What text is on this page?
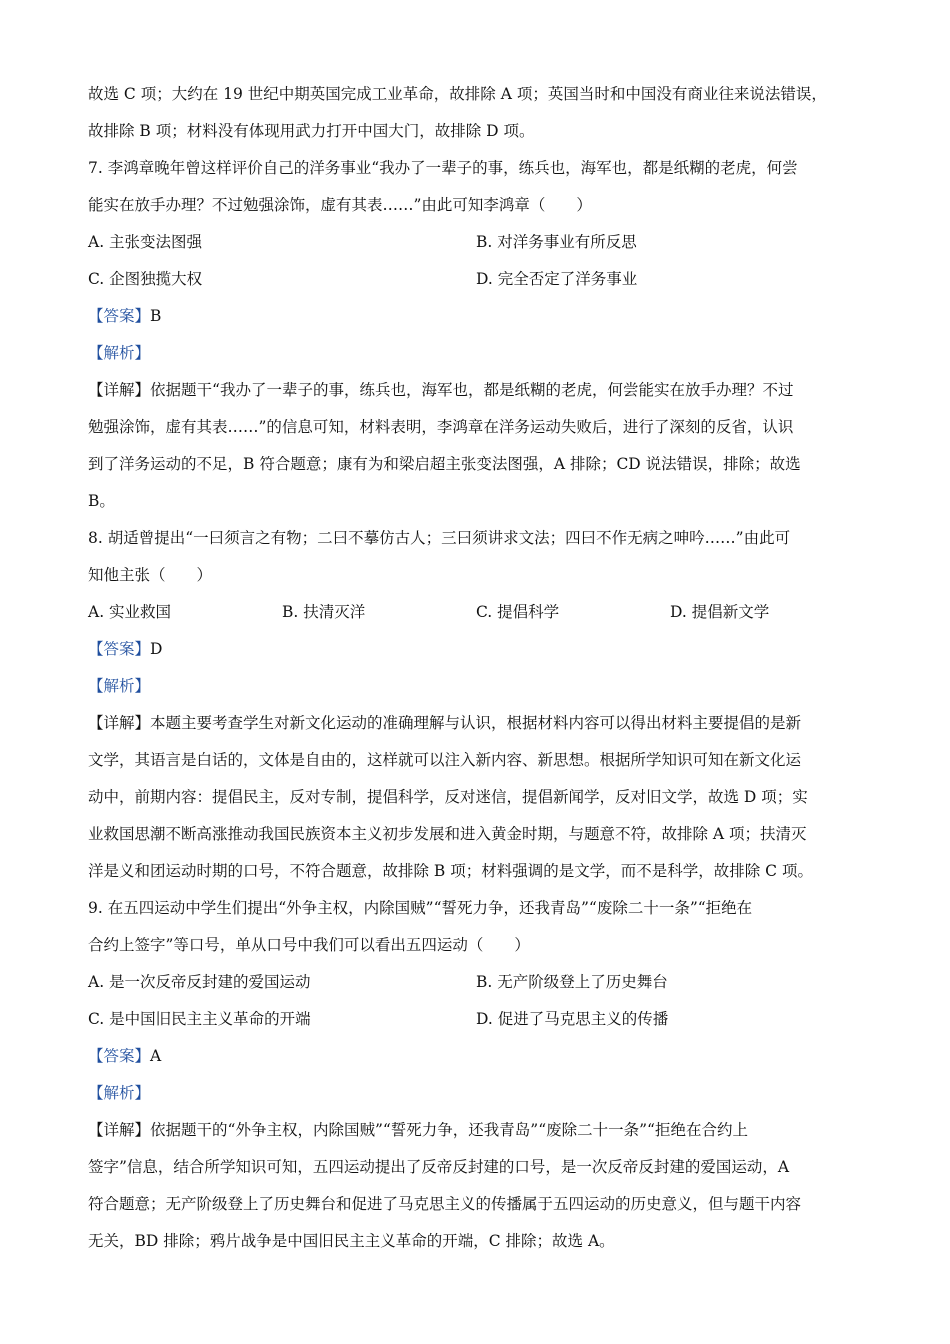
故选 C 项；大约在 19 世纪中期英国完成工业革命，故排除 A 项；英国当时和中国没有商业往来说法错误，
故排除 B 项；材料没有体现用武力打开中国大门，故排除 D 项。
7. 李鸿章晚年曾这样评价自己的洋务事业“我办了一辈子的事，练兵也，海军也，都是纸糊的老虎，何尝
能实在放手办理？不过勉强涂饰，虚有其表……”由此可知李鸿章（　　）
A. 主张变法图强	B. 对洋务事业有所反思
C. 企图独揽大权	D. 完全否定了洋务事业
【答案】B
【解析】
【详解】依据题干“我办了一辈子的事，练兵也，海军也，都是纸糊的老虎，何尝能实在放手办理？不过
勉强涂饰，虚有其表……”的信息可知，材料表明，李鸿章在洋务运动失败后，进行了深刻的反省，认识
到了洋务运动的不足，B 符合题意；康有为和梁启超主张变法图强，A 排除；CD 说法错误，排除；故选
B。
8. 胡适曾提出“一曰须言之有物；二曰不摹仿古人；三曰须讲求文法；四曰不作无病之呻吟……”由此可
知他主张（　　）
A. 实业救国	B. 扶清灭洋	C. 提倡科学	D. 提倡新文学
【答案】D
【解析】
【详解】本题主要考查学生对新文化运动的准确理解与认识，根据材料内容可以得出材料主要提倡的是新
文学，其语言是白话的，文体是自由的，这样就可以注入新内容、新思想。根据所学知识可知在新文化运
动中，前期内容：提倡民主，反对专制，提倡科学，反对迷信，提倡新闻学，反对旧文学，故选 D 项；实
业救国思潮不断高涨推动我国民族资本主义初步发展和进入黄金时期，与题意不符，故排除 A 项；扶清灭
洋是义和团运动时期的口号，不符合题意，故排除 B 项；材料强调的是文学，而不是科学，故排除 C 项。
9. 在五四运动中学生们提出“外争主权，内除国贼”“誓死力争，还我青岛”“废除二十一条”“拒绝在
合约上签字”等口号，单从口号中我们可以看出五四运动（　　）
A. 是一次反帝反封建的爱国运动	B. 无产阶级登上了历史舞台
C. 是中国旧民主主义革命的开端	D. 促进了马克思主义的传播
【答案】A
【解析】
【详解】依据题干的“外争主权，内除国贼”“誓死力争，还我青岛”“废除二十一条”“拒绝在合约上
签字”信息，结合所学知识可知，五四运动提出了反帝反封建的口号，是一次反帝反封建的爱国运动，A
符合题意；无产阶级登上了历史舞台和促进了马克思主义的传播属于五四运动的历史意义，但与题干内容
无关，BD 排除；鸦片战争是中国旧民主主义革命的开端，C 排除；故选 A。
